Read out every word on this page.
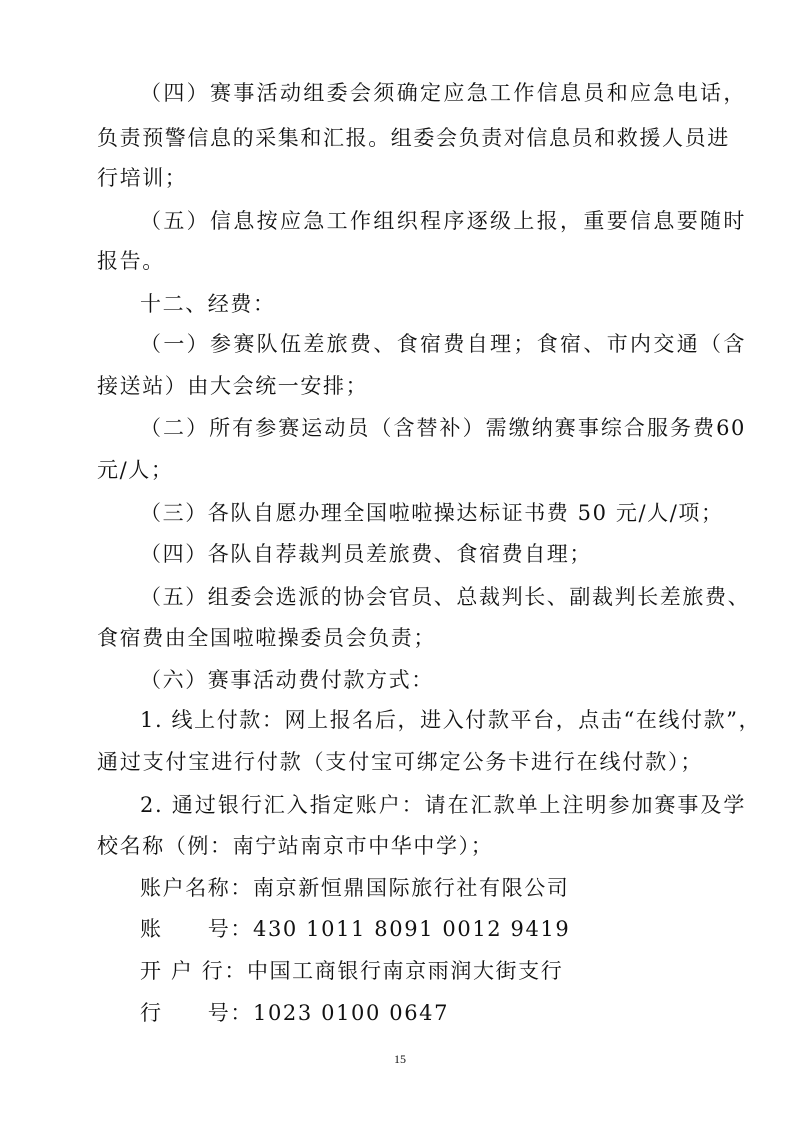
（四）赛事活动组委会须确定应急工作信息员和应急电话，
负责预警信息的采集和汇报。组委会负责对信息员和救援人员进
行培训；
（五）信息按应急工作组织程序逐级上报，重要信息要随时
报告。
十二、经费：
（一）参赛队伍差旅费、食宿费自理；食宿、市内交通（含
接送站）由大会统一安排；
（二）所有参赛运动员（含替补）需缴纳赛事综合服务费60
元/人；
（三）各队自愿办理全国啦啦操达标证书费 50 元/人/项；
（四）各队自荐裁判员差旅费、食宿费自理；
（五）组委会选派的协会官员、总裁判长、副裁判长差旅费、
食宿费由全国啦啦操委员会负责；
（六）赛事活动费付款方式：
1. 线上付款：网上报名后，进入付款平台，点击“在线付款”，
通过支付宝进行付款（支付宝可绑定公务卡进行在线付款）；
2. 通过银行汇入指定账户：请在汇款单上注明参加赛事及学
校名称（例：南宁站南京市中华中学）；
账户名称：南京新恒鼎国际旅行社有限公司
账　　号：430 1011 8091 0012 9419
开 户 行：中国工商银行南京雨润大街支行
行　　号：1023 0100 0647
15
